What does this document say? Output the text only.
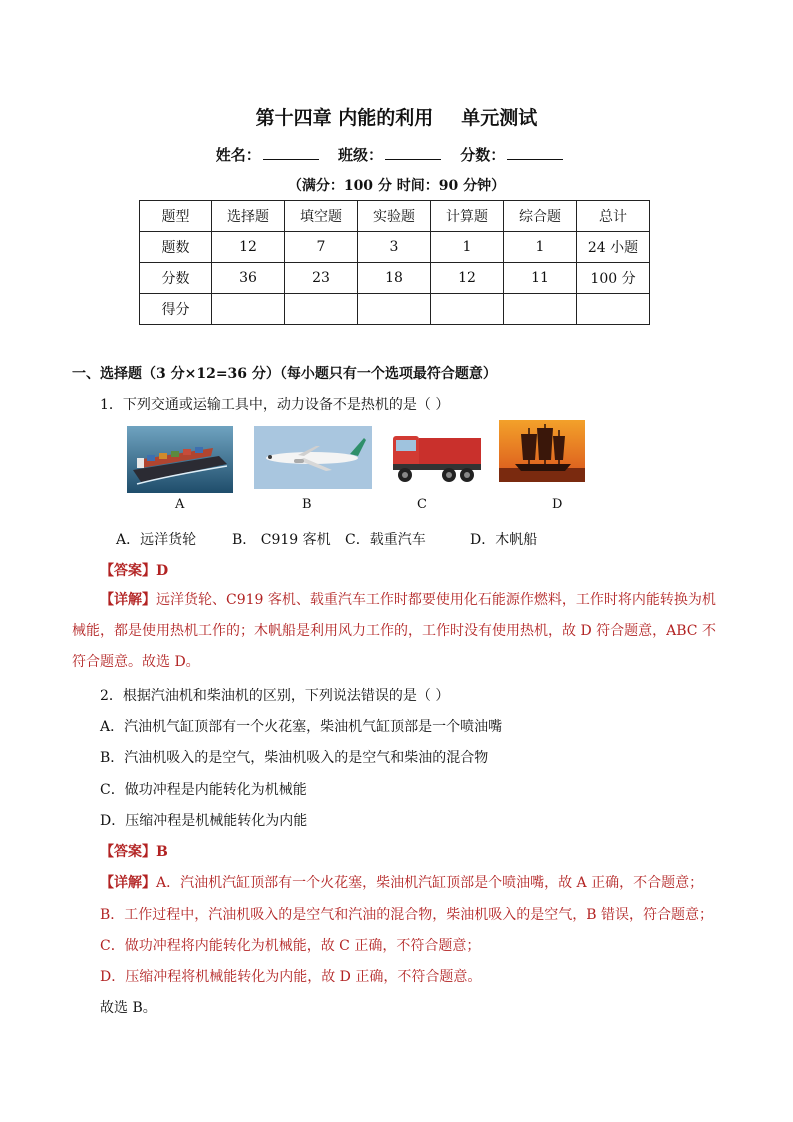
第十四章 内能的利用 单元测试
姓名：	班级：	分数：
（满分：100 分 时间：90 分钟）
题型	选择题	填空题	实验题	计算题	综合题	总计
题数	12	7	3	1	1	24 小题
分数	36	23	18	12	11	100 分
得分						
一、选择题（3 分×12=36 分）（每小题只有一个选项最符合题意）
1．下列交通或运输工具中，动力设备不是热机的是（ ）
A	B	C	D
A．远洋货轮	B． C919 客机 C．载重汽车	D．木帆船
【答案】D
【详解】远洋货轮、C919 客机、载重汽车工作时都要使用化石能源作燃料，工作时将内能转换为机械能，都是使用热机工作的；木帆船是利用风力工作的，工作时没有使用热机，故 D 符合题意，ABC 不符合题意。故选 D。
2．根据汽油机和柴油机的区别，下列说法错误的是（ ）
A．汽油机气缸顶部有一个火花塞，柴油机气缸顶部是一个喷油嘴
B．汽油机吸入的是空气，柴油机吸入的是空气和柴油的混合物
C．做功冲程是内能转化为机械能
D．压缩冲程是机械能转化为内能
【答案】B
【详解】A．汽油机汽缸顶部有一个火花塞，柴油机汽缸顶部是个喷油嘴，故 A 正确，不合题意；
B．工作过程中，汽油机吸入的是空气和汽油的混合物，柴油机吸入的是空气，B 错误，符合题意；
C．做功冲程将内能转化为机械能，故 C 正确，不符合题意；
D．压缩冲程将机械能转化为内能，故 D 正确，不符合题意。
故选 B。
